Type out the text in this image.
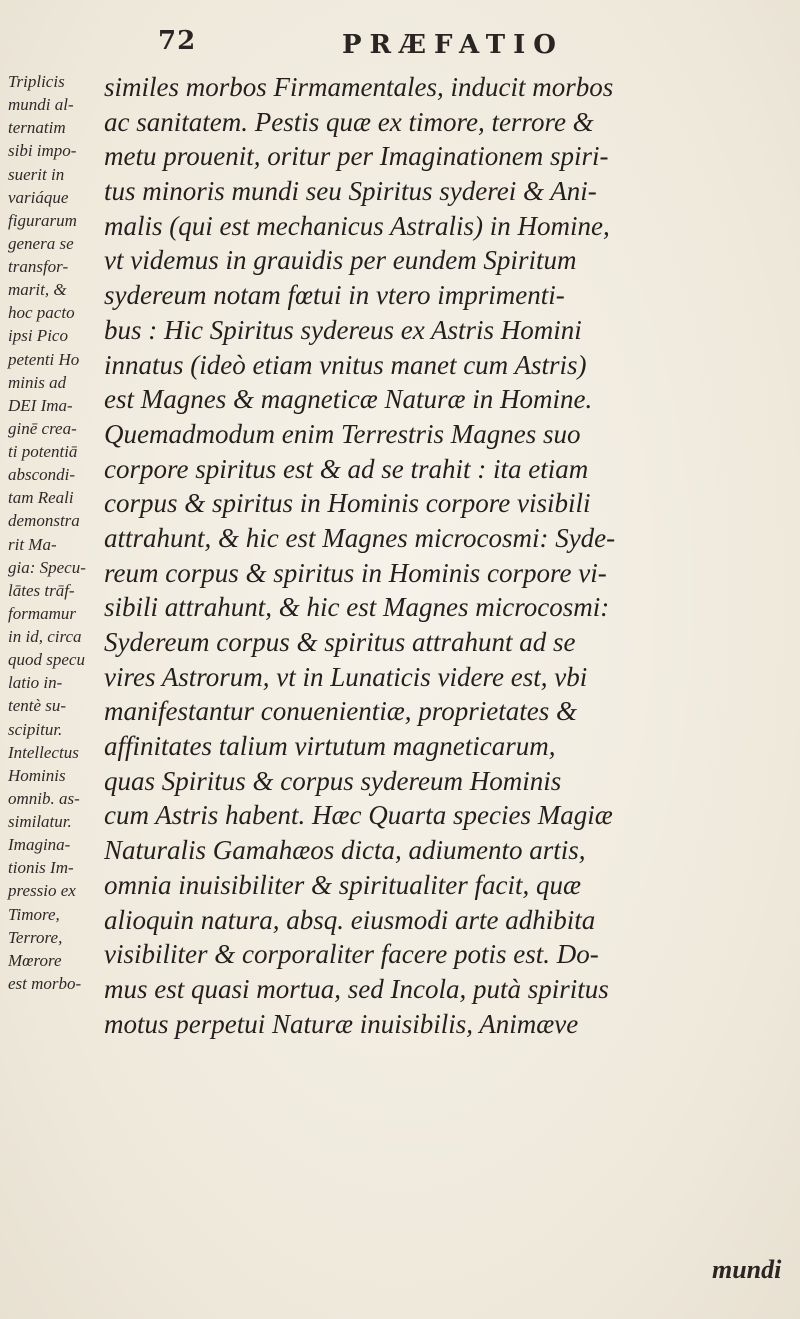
72	PRÆFATIO
Triplicis
mundi al-
ternatim
sibi impo-
suerit in
variáque
figurarum
genera se
transfor-
marit, &
hoc pacto
ipsi Pico
petenti Ho
minis ad
DEI Ima-
ginē crea-
ti potentiā
abscondi-
tam Reali
demonstra
rit Ma-
gia: Specu-
lātes trāf-
formamur
in id, circa
quod specu
latio in-
tentè su-
scipitur.
Intellectus
Hominis
omnib. as-
similatur.
Imagina-
tionis Im-
pressio ex
Timore,
Terrore,
Mœrore
est morbo-
similes morbos Firmamentales, inducit morbos
ac sanitatem. Pestis quæ ex timore, terrore &
metu prouenit, oritur per Imaginationem spiri-
tus minoris mundi seu Spiritus syderei & Ani-
malis (qui est mechanicus Astralis) in Homine,
vt videmus in grauidis per eundem Spiritum
sydereum notam fœtui in vtero imprimenti-
bus : Hic Spiritus sydereus ex Astris Homini
innatus (ideò etiam vnitus manet cum Astris)
est Magnes & magneticæ Naturæ in Homine.
Quemadmodum enim Terrestris Magnes suo
corpore spiritus est & ad se trahit : ita etiam
corpus & spiritus in Hominis corpore visibili
attrahunt, & hic est Magnes microcosmi: Syde-
reum corpus & spiritus in Hominis corpore vi-
sibili attrahunt, & hic est Magnes microcosmi:
Sydereum corpus & spiritus attrahunt ad se
vires Astrorum, vt in Lunaticis videre est, vbi
manifestantur conuenientiæ, proprietates &
affinitates talium virtutum magneticarum,
quas Spiritus & corpus sydereum Hominis
cum Astris habent. Hæc Quarta species Magiæ
Naturalis Gamahæos dicta, adiumento artis,
omnia inuisibiliter & spiritualiter facit, quæ
alioquin natura, absq. eiusmodi arte adhibita
visibiliter & corporaliter facere potis est. Do-
mus est quasi mortua, sed Incola, putà spiritus
motus perpetui Naturæ inuisibilis, Animæve
mundi
